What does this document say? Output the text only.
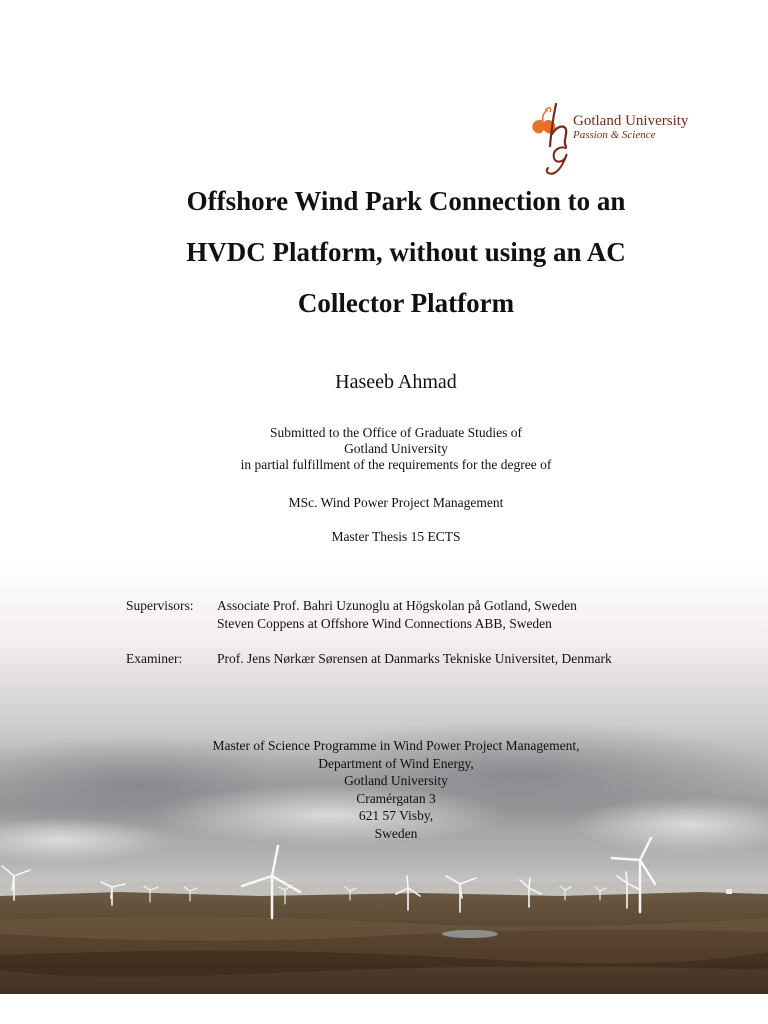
Gotland University
Passion & Science
Offshore Wind Park Connection to an
HVDC Platform, without using an AC
Collector Platform
Haseeb Ahmad
Submitted to the Office of Graduate Studies of
Gotland University
in partial fulfillment of the requirements for the degree of
MSc. Wind Power Project Management
Master Thesis 15 ECTS
Supervisors: Associate Prof. Bahri Uzunoglu at Högskolan på Gotland, Sweden
Steven Coppens at Offshore Wind Connections ABB, Sweden
Examiner:	Prof. Jens Nørkær Sørensen at Danmarks Tekniske Universitet, Denmark
Master of Science Programme in Wind Power Project Management,
Department of Wind Energy,
Gotland University
Cramérgatan 3
621 57 Visby,
Sweden
